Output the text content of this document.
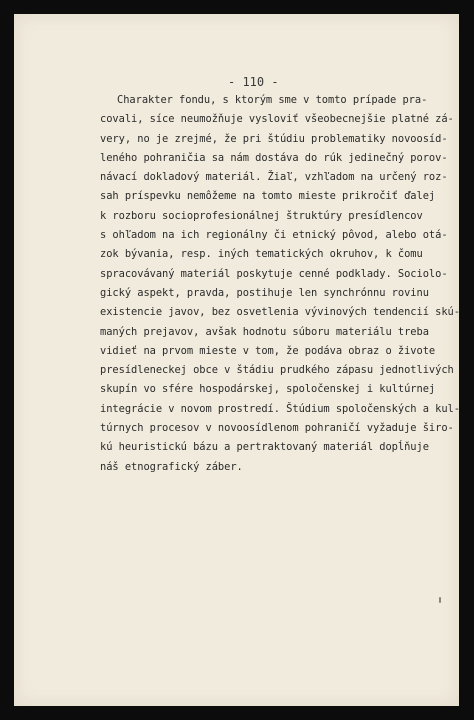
- 110 -
Charakter fondu, s ktorým sme v tomto prípade pra-
covali, síce neumožňuje vysloviť všeobecnejšie platné zá-
very, no je zrejmé, že pri štúdiu problematiky novoosíd-
leného pohraničia sa nám dostáva do rúk jedinečný porov-
návací dokladový materiál. Žiaľ, vzhľadom na určený roz-
sah príspevku nemôžeme na tomto mieste prikročiť ďalej
k rozboru socioprofesionálnej štruktúry presídlencov
s ohľadom na ich regionálny či etnický pôvod, alebo otá-
zok bývania, resp. iných tematických okruhov, k čomu
spracovávaný materiál poskytuje cenné podklady. Sociolo-
gický aspekt, pravda, postihuje len synchrónnu rovinu
existencie javov, bez osvetlenia vývinových tendencií skú-
maných prejavov, avšak hodnotu súboru materiálu treba
vidieť na prvom mieste v tom, že podáva obraz o živote
presídleneckej obce v štádiu prudkého zápasu jednotlivých
skupín vo sfére hospodárskej, spoločenskej i kultúrnej
integrácie v novom prostredí. Štúdium spoločenských a kul-
túrnych procesov v novoosídlenom pohraničí vyžaduje širo-
kú heuristickú bázu a pertraktovaný materiál dopĺňuje
náš etnografický záber.
